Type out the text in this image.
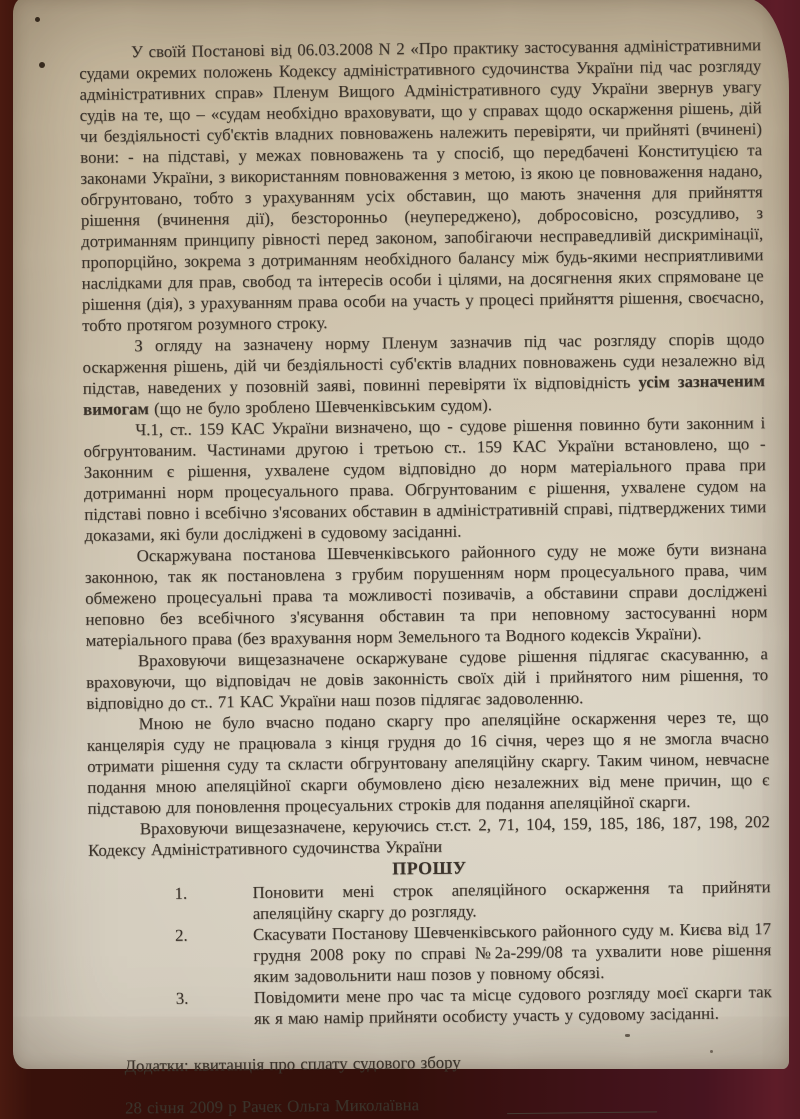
У своїй Постанові від 06.03.2008 N 2 «Про практику застосування адміністративними судами окремих положень Кодексу адміністративного судочинства України під час розгляду адміністративних справ» Пленум Вищого Адміністративного суду України звернув увагу судів на те, що – «судам необхідно враховувати, що у справах щодо оскарження рішень, дій чи бездіяльності суб'єктів владних повноважень належить перевіряти, чи прийняті (вчинені) вони: - на підставі, у межах повноважень та у спосіб, що передбачені Конституцією та законами України, з використанням повноваження з метою, із якою це повноваження надано, обгрунтовано, тобто з урахуванням усіх обставин, що мають значення для прийняття рішення (вчинення дії), безсторонньо (неупереджено), добросовісно, розсудливо, з дотриманням принципу рівності перед законом, запобігаючи несправедливій дискримінації, пропорційно, зокрема з дотриманням необхідного балансу між будь-якими несприятливими наслідками для прав, свобод та інтересів особи і цілями, на досягнення яких спрямоване це рішення (дія), з урахуванням права особи на участь у процесі прийняття рішення, своєчасно, тобто протягом розумного строку.

З огляду на зазначену норму Пленум зазначив під час розгляду спорів щодо оскарження рішень, дій чи бездіяльності суб'єктів владних повноважень суди незалежно від підстав, наведених у позовній заяві, повинні перевіряти їх відповідність усім зазначеним вимогам (що не було зроблено Шевченківським судом).

Ч.1, ст.. 159 КАС України визначено, що - судове рішення повинно бути законним і обгрунтованим. Частинами другою і третьою ст.. 159 КАС України встановлено, що - Законним є рішення, ухвалене судом відповідно до норм матеріального права при дотриманні норм процесуального права. Обгрунтованим є рішення, ухвалене судом на підставі повно і всебічно з'ясованих обставин в адміністративній справі, підтверджених тими доказами, які були досліджені в судовому засіданні.

Оскаржувана постанова Шевченківського районного суду не може бути визнана законною, так як постановлена з грубим порушенням норм процесуального права, чим обмежено процесуальні права та можливості позивачів, а обставини справи досліджені неповно без всебічного з'ясування обставин та при неповному застосуванні норм матеріального права (без врахування норм Земельного та Водного кодексів України).

Враховуючи вищезазначене оскаржуване судове рішення підлягає скасуванню, а враховуючи, що відповідач не довів законність своїх дій і прийнятого ним рішення, то відповідно до ст.. 71 КАС України наш позов підлягає задоволенню.

Мною не було вчасно подано скаргу про апеляційне оскарження через те, що канцелярія суду не працювала з кінця грудня до 16 січня, через що я не змогла вчасно отримати рішення суду та скласти обгрунтовану апеляційну скаргу. Таким чином, невчасне подання мною апеляційної скарги обумовлено дією незалежних від мене причин, що є підставою для поновлення процесуальних строків для подання апеляційної скарги.

Враховуючи вищезазначене, керуючись ст.ст. 2, 71, 104, 159, 185, 186, 187, 198, 202 Кодексу Адміністративного судочинства України

ПРОШУ
1.	Поновити мені строк апеляційного оскарження та прийняти апеляційну скаргу до розгляду.
2.	Скасувати Постанову Шевченківського районного суду м. Києва від 17 грудня 2008 року по справі №2а-299/08 та ухвалити нове рішення яким задовольнити наш позов у повному обсязі.
3.	Повідомити мене про час та місце судового розгляду моєї скарги так як я маю намір прийняти особисту участь у судовому засіданні.

Додатки: квитанція про сплату судового збору

28 січня 2009 р Рачек Ольга Миколаївна
